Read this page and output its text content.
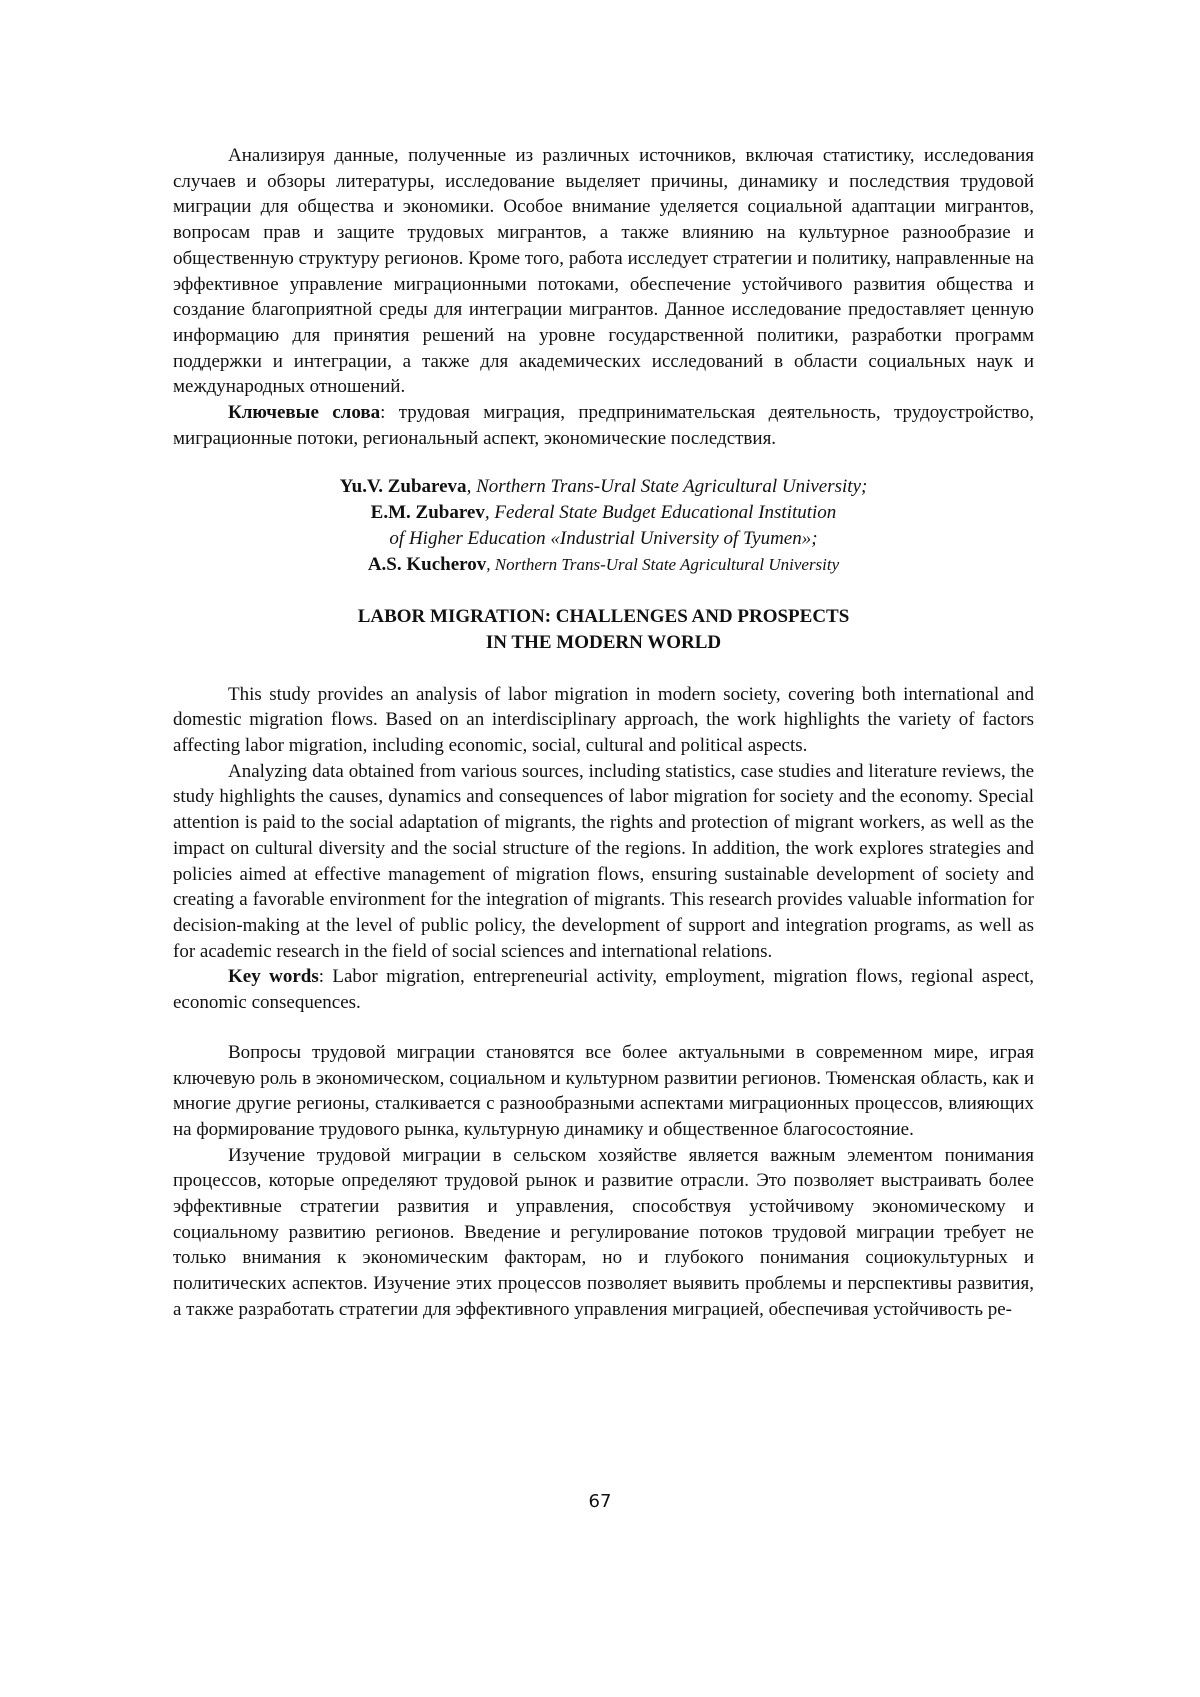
Анализируя данные, полученные из различных источников, включая статистику, исследования случаев и обзоры литературы, исследование выделяет причины, динамику и последствия трудовой миграции для общества и экономики. Особое внимание уделяется социальной адаптации мигрантов, вопросам прав и защите трудовых мигрантов, а также влиянию на культурное разнообразие и общественную структуру регионов. Кроме того, работа исследует стратегии и политику, направленные на эффективное управление миграционными потоками, обеспечение устойчивого развития общества и создание благоприятной среды для интеграции мигрантов. Данное исследование предоставляет ценную информацию для принятия решений на уровне государственной политики, разработки программ поддержки и интеграции, а также для академических исследований в области социальных наук и международных отношений.

Ключевые слова: трудовая миграция, предпринимательская деятельность, трудоустройство, миграционные потоки, региональный аспект, экономические последствия.

Yu.V. Zubareva, Northern Trans-Ural State Agricultural University;
E.M. Zubarev, Federal State Budget Educational Institution
of Higher Education «Industrial University of Tyumen»;
A.S. Kucherov, Northern Trans-Ural State Agricultural University
LABOR MIGRATION: CHALLENGES AND PROSPECTS
IN THE MODERN WORLD

This study provides an analysis of labor migration in modern society, covering both international and domestic migration flows. Based on an interdisciplinary approach, the work highlights the variety of factors affecting labor migration, including economic, social, cultural and political aspects.

Analyzing data obtained from various sources, including statistics, case studies and literature reviews, the study highlights the causes, dynamics and consequences of labor migration for society and the economy. Special attention is paid to the social adaptation of migrants, the rights and protection of migrant workers, as well as the impact on cultural diversity and the social structure of the regions. In addition, the work explores strategies and policies aimed at effective management of migration flows, ensuring sustainable development of society and creating a favorable environment for the integration of migrants. This research provides valuable information for decision-making at the level of public policy, the development of support and integration programs, as well as for academic research in the field of social sciences and international relations.

Key words: Labor migration, entrepreneurial activity, employment, migration flows, regional aspect, economic consequences.

Вопросы трудовой миграции становятся все более актуальными в современном мире, играя ключевую роль в экономическом, социальном и культурном развитии регионов. Тюменская область, как и многие другие регионы, сталкивается с разнообразными аспектами миграционных процессов, влияющих на формирование трудового рынка, культурную динамику и общественное благосостояние.

Изучение трудовой миграции в сельском хозяйстве является важным элементом понимания процессов, которые определяют трудовой рынок и развитие отрасли. Это позволяет выстраивать более эффективные стратегии развития и управления, способствуя устойчивому экономическому и социальному развитию регионов. Введение и регулирование потоков трудовой миграции требует не только внимания к экономическим факторам, но и глубокого понимания социокультурных и политических аспектов. Изучение этих процессов позволяет выявить проблемы и перспективы развития, а также разработать стратегии для эффективного управления миграцией, обеспечивая устойчивость ре-

67
